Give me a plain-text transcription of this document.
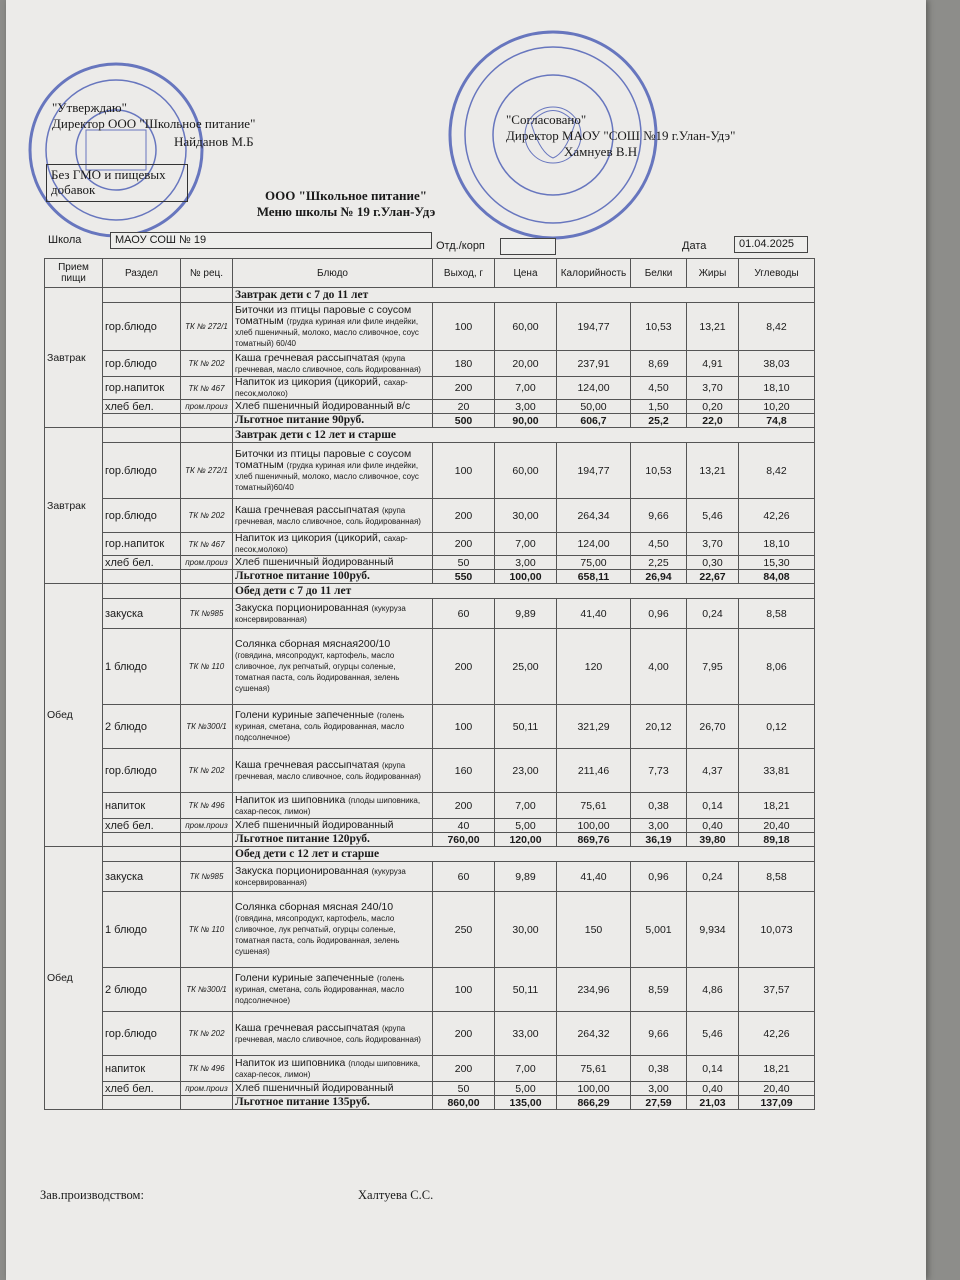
"Утверждаю"
Директор ООО "Школьное питание"
Найданов М.Б
Без ГМО и пищевых добавок
"Согласовано"
Директор МАОУ "СОШ №19 г.Улан-Удэ"
Хамнуев В.Н
ООО "Школьное питание"
Меню школы № 19 г.Улан-Удэ
Школа	МАОУ СОШ № 19	Отд./корп	Дата	01.04.2025
Прием пищи	Раздел	№ рец.	Блюдо	Выход, г	Цена	Калорийность	Белки	Жиры	Углеводы
Завтрак			Завтрак дети с 7 до 11 лет						
	гор.блюдо	ТК № 272/1	Биточки из птицы паровые с соусом томатным (грудка куриная или филе индейки, хлеб пшеничный, молоко, масло сливочное, соус томатный) 60/40	100	60,00	194,77	10,53	13,21	8,42
	гор.блюдо	ТК № 202	Каша гречневая рассыпчатая (крупа гречневая, масло сливочное, соль йодированная)	180	20,00	237,91	8,69	4,91	38,03
	гор.напиток	ТК № 467	Напиток из цикория (цикорий, сахар-песок,молоко)	200	7,00	124,00	4,50	3,70	18,10
	хлеб бел.	пром.произ	Хлеб пшеничный йодированный в/с	20	3,00	50,00	1,50	0,20	10,20
			Льготное питание 90руб.	500	90,00	606,7	25,2	22,0	74,8
Завтрак			Завтрак дети с 12 лет и старше						
	гор.блюдо	ТК № 272/1	Биточки из птицы паровые с соусом томатным (грудка куриная или филе индейки, хлеб пшеничный, молоко, масло сливочное, соус томатный)60/40	100	60,00	194,77	10,53	13,21	8,42
	гор.блюдо	ТК № 202	Каша гречневая рассыпчатая (крупа гречневая, масло сливочное, соль йодированная)	200	30,00	264,34	9,66	5,46	42,26
	гор.напиток	ТК № 467	Напиток из цикория (цикорий, сахар-песок,молоко)	200	7,00	124,00	4,50	3,70	18,10
	хлеб бел.	пром.произ	Хлеб пшеничный йодированный	50	3,00	75,00	2,25	0,30	15,30
			Льготное питание 100руб.	550	100,00	658,11	26,94	22,67	84,08
Обед			Обед дети с 7 до 11 лет						
	закуска	ТК №985	Закуска порционированная (кукуруза консервированная)	60	9,89	41,40	0,96	0,24	8,58
	1 блюдо	ТК № 110	Солянка сборная мясная200/10 (говядина, мясопродукт, картофель, масло сливочное, лук репчатый, огурцы соленые, томатная паста, соль йодированная, зелень сушеная)	200	25,00	120	4,00	7,95	8,06
	2 блюдо	ТК №300/1	Голени куриные запеченные (голень куриная, сметана, соль йодированная, масло подсолнечное)	100	50,11	321,29	20,12	26,70	0,12
	гор.блюдо	ТК № 202	Каша гречневая рассыпчатая (крупа гречневая, масло сливочное, соль йодированная)	160	23,00	211,46	7,73	4,37	33,81
	напиток	ТК № 496	Напиток из шиповника (плоды шиповника, сахар-песок, лимон)	200	7,00	75,61	0,38	0,14	18,21
	хлеб бел.	пром.произ	Хлеб пшеничный йодированный	40	5,00	100,00	3,00	0,40	20,40
			Льготное питание 120руб.	760,00	120,00	869,76	36,19	39,80	89,18
Обед			Обед дети с 12 лет и старше						
	закуска	ТК №985	Закуска порционированная (кукуруза консервированная)	60	9,89	41,40	0,96	0,24	8,58
	1 блюдо	ТК № 110	Солянка сборная мясная 240/10 (говядина, мясопродукт, картофель, масло сливочное, лук репчатый, огурцы соленые, томатная паста, соль йодированная, зелень сушеная)	250	30,00	150	5,001	9,934	10,073
	2 блюдо	ТК №300/1	Голени куриные запеченные (голень куриная, сметана, соль йодированная, масло подсолнечное)	100	50,11	234,96	8,59	4,86	37,57
	гор.блюдо	ТК № 202	Каша гречневая рассыпчатая (крупа гречневая, масло сливочное, соль йодированная)	200	33,00	264,32	9,66	5,46	42,26
	напиток	ТК № 496	Напиток из шиповника (плоды шиповника, сахар-песок, лимон)	200	7,00	75,61	0,38	0,14	18,21
	хлеб бел.	пром.произ	Хлеб пшеничный йодированный	50	5,00	100,00	3,00	0,40	20,40
			Льготное питание 135руб.	860,00	135,00	866,29	27,59	21,03	137,09
Зав.производством:	Халтуева С.С.
